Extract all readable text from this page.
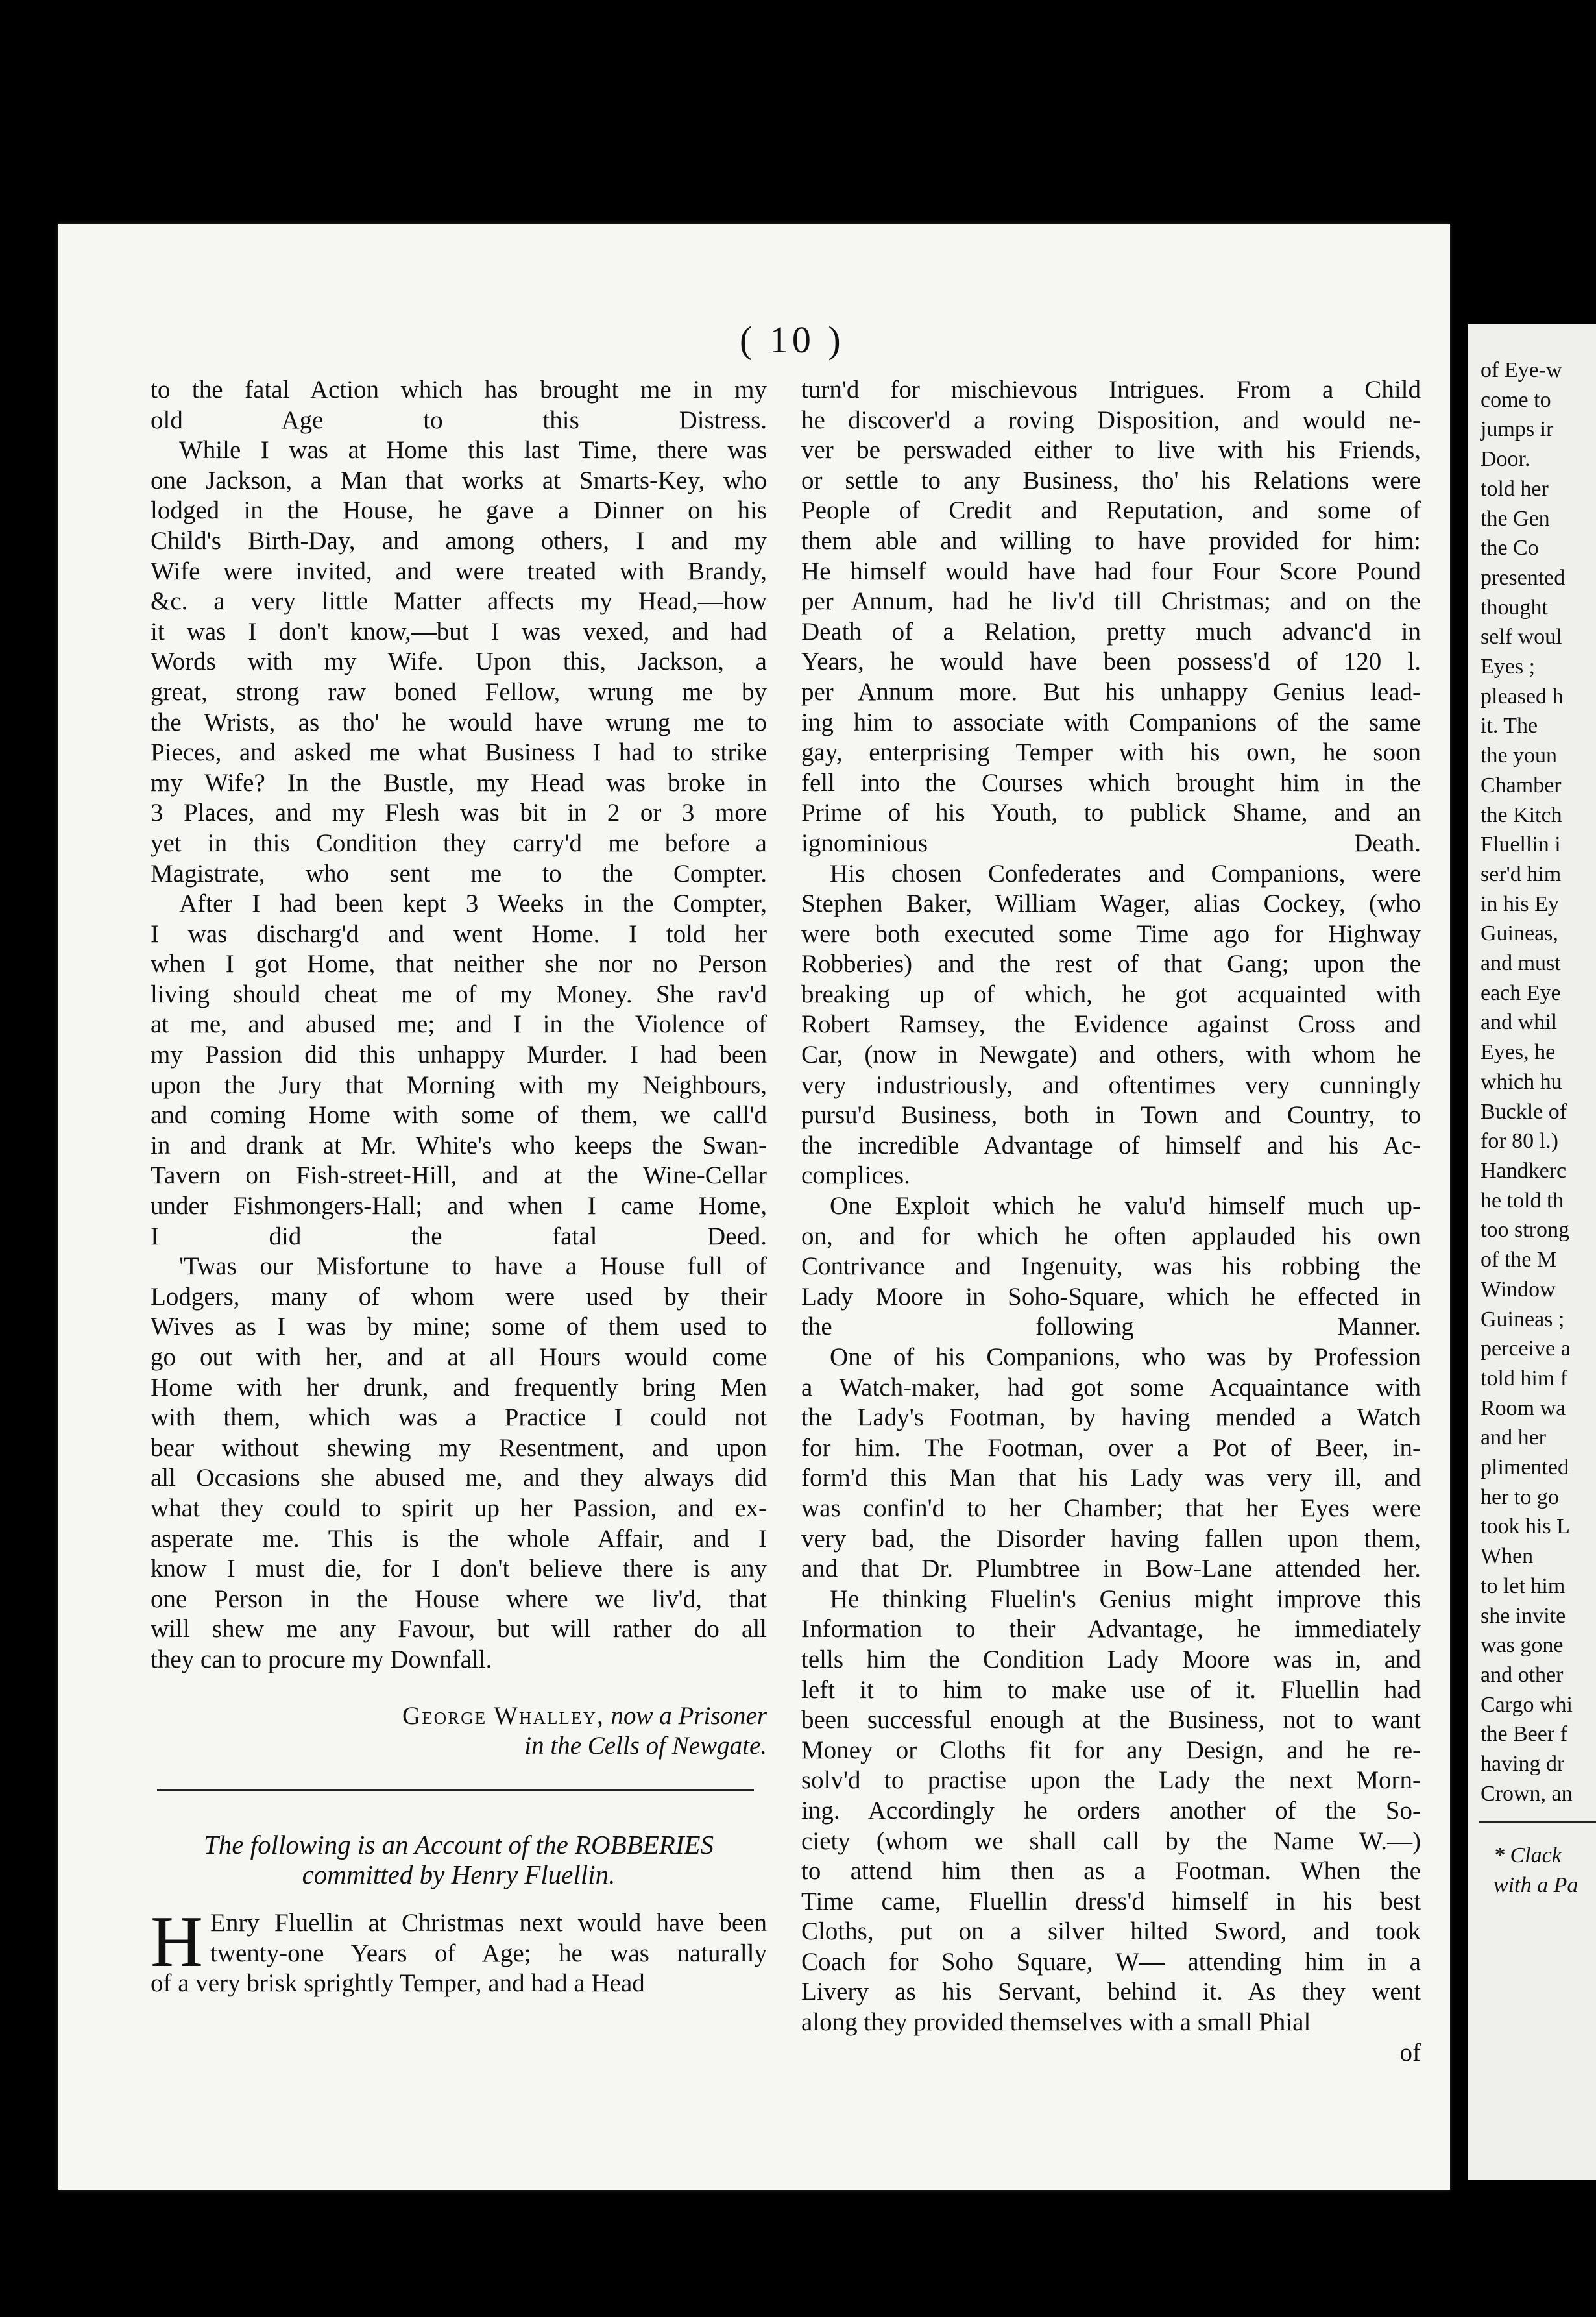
of Eye-w
come to
jumps ir
Door.
told her
the Gen
the Co
presented
thought
self woul
Eyes ;
pleased h
it. The
the youn
Chamber
the Kitch
Fluellin i
ser'd him
in his Ey
Guineas,
and must
each Eye
and whil
Eyes, he
which hu
Buckle of
for 80 l.)
Handkerc
he told th
too strong
of the M
Window
Guineas ;
perceive a
told him f
Room wa
and her
plimented
her to go
took his L
When
to let him
she invite
was gone
and other
Cargo whi
the Beer f
having dr
Crown, an
* Clack
with a Pa
( 10 )
to the fatal Action which has brought me in my
old Age to this Distress.
While I was at Home this last Time, there was
one Jackson, a Man that works at Smarts-Key, who
lodged in the House, he gave a Dinner on his
Child's Birth-Day, and among others, I and my
Wife were invited, and were treated with Brandy,
&c. a very little Matter affects my Head,—how
it was I don't know,—but I was vexed, and had
Words with my Wife. Upon this, Jackson, a
great, strong raw boned Fellow, wrung me by
the Wrists, as tho' he would have wrung me to
Pieces, and asked me what Business I had to strike
my Wife? In the Bustle, my Head was broke in
3 Places, and my Flesh was bit in 2 or 3 more
yet in this Condition they carry'd me before a
Magistrate, who sent me to the Compter.
After I had been kept 3 Weeks in the Compter,
I was discharg'd and went Home. I told her
when I got Home, that neither she nor no Person
living should cheat me of my Money. She rav'd
at me, and abused me; and I in the Violence of
my Passion did this unhappy Murder. I had been
upon the Jury that Morning with my Neighbours,
and coming Home with some of them, we call'd
in and drank at Mr. White's who keeps the Swan-
Tavern on Fish-street-Hill, and at the Wine-Cellar
under Fishmongers-Hall; and when I came Home,
I did the fatal Deed.
'Twas our Misfortune to have a House full of
Lodgers, many of whom were used by their
Wives as I was by mine; some of them used to
go out with her, and at all Hours would come
Home with her drunk, and frequently bring Men
with them, which was a Practice I could not
bear without shewing my Resentment, and upon
all Occasions she abused me, and they always did
what they could to spirit up her Passion, and ex-
asperate me. This is the whole Affair, and I
know I must die, for I don't believe there is any
one Person in the House where we liv'd, that
will shew me any Favour, but will rather do all
they can to procure my Downfall.
George Whalley, now a Prisoner
in the Cells of Newgate.
The following is an Account of the ROBBERIES
committed by Henry Fluellin.
H Enry Fluellin at Christmas next would have been
twenty-one Years of Age; he was naturally
of a very brisk sprightly Temper, and had a Head
turn'd for mischievous Intrigues. From a Child
he discover'd a roving Disposition, and would ne-
ver be perswaded either to live with his Friends,
or settle to any Business, tho' his Relations were
People of Credit and Reputation, and some of
them able and willing to have provided for him:
He himself would have had four Four Score Pound
per Annum, had he liv'd till Christmas; and on the
Death of a Relation, pretty much advanc'd in
Years, he would have been possess'd of 120 l.
per Annum more. But his unhappy Genius lead-
ing him to associate with Companions of the same
gay, enterprising Temper with his own, he soon
fell into the Courses which brought him in the
Prime of his Youth, to publick Shame, and an
ignominious Death.
His chosen Confederates and Companions, were
Stephen Baker, William Wager, alias Cockey, (who
were both executed some Time ago for Highway
Robberies) and the rest of that Gang; upon the
breaking up of which, he got acquainted with
Robert Ramsey, the Evidence against Cross and
Car, (now in Newgate) and others, with whom he
very industriously, and oftentimes very cunningly
pursu'd Business, both in Town and Country, to
the incredible Advantage of himself and his Ac-
complices.
One Exploit which he valu'd himself much up-
on, and for which he often applauded his own
Contrivance and Ingenuity, was his robbing the
Lady Moore in Soho-Square, which he effected in
the following Manner.
One of his Companions, who was by Profession
a Watch-maker, had got some Acquaintance with
the Lady's Footman, by having mended a Watch
for him. The Footman, over a Pot of Beer, in-
form'd this Man that his Lady was very ill, and
was confin'd to her Chamber; that her Eyes were
very bad, the Disorder having fallen upon them,
and that Dr. Plumbtree in Bow-Lane attended her.
He thinking Fluelin's Genius might improve this
Information to their Advantage, he immediately
tells him the Condition Lady Moore was in, and
left it to him to make use of it. Fluellin had
been successful enough at the Business, not to want
Money or Cloths fit for any Design, and he re-
solv'd to practise upon the Lady the next Morn-
ing. Accordingly he orders another of the So-
ciety (whom we shall call by the Name W.—)
to attend him then as a Footman. When the
Time came, Fluellin dress'd himself in his best
Cloths, put on a silver hilted Sword, and took
Coach for Soho Square, W— attending him in a
Livery as his Servant, behind it. As they went
along they provided themselves with a small Phial
of
